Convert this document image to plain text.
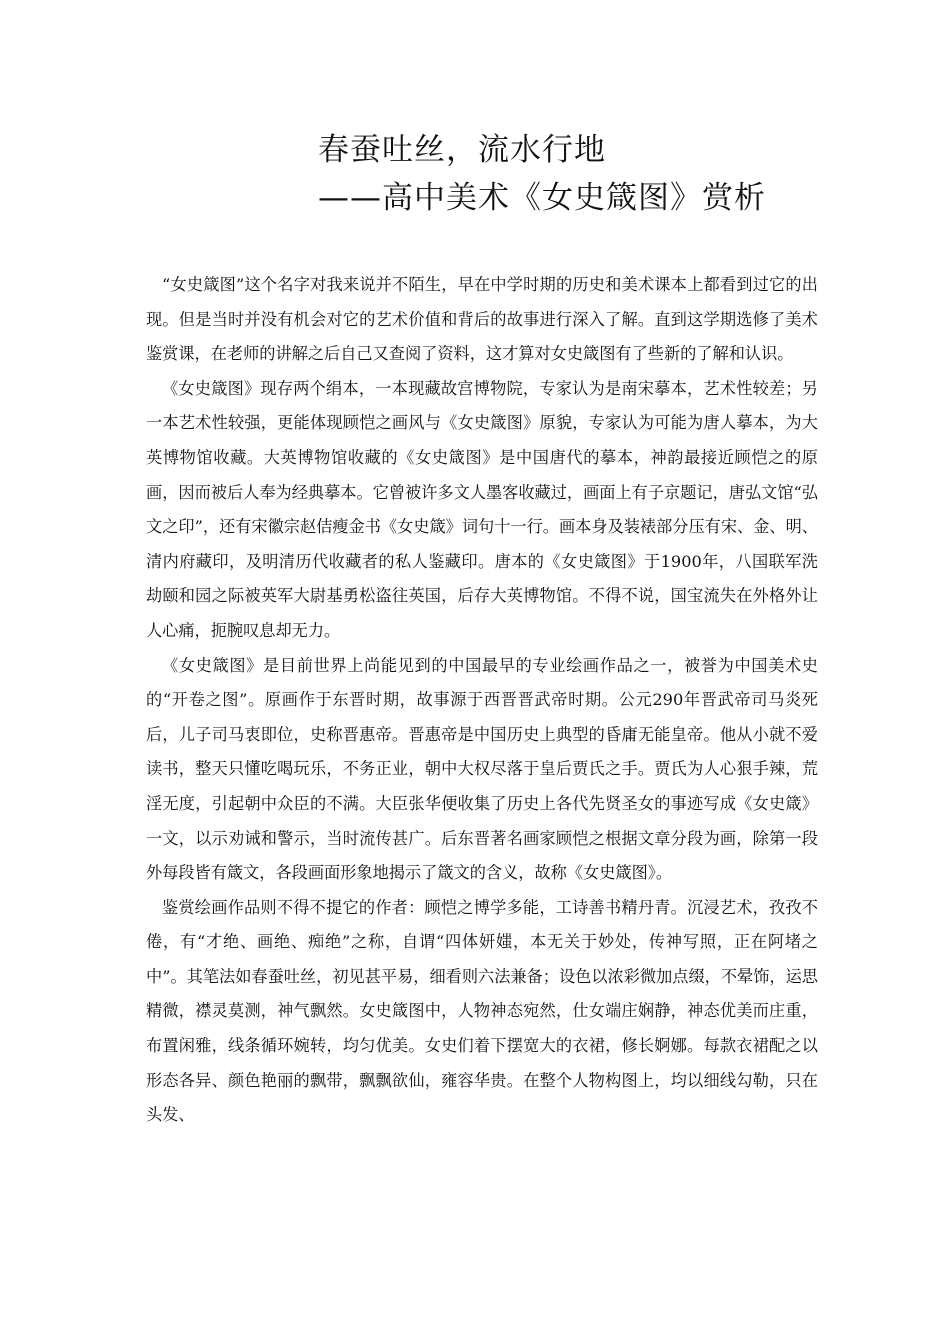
春蚕吐丝，流水行地
——高中美术《女史箴图》赏析

“女史箴图”这个名字对我来说并不陌生，早在中学时期的历史和美术课本上都看到过它的出现。但是当时并没有机会对它的艺术价值和背后的故事进行深入了解。直到这学期选修了美术鉴赏课，在老师的讲解之后自己又查阅了资料，这才算对女史箴图有了些新的了解和认识。

《女史箴图》现存两个绢本，一本现藏故宫博物院，专家认为是南宋摹本，艺术性较差；另一本艺术性较强，更能体现顾恺之画风与《女史箴图》原貌，专家认为可能为唐人摹本，为大英博物馆收藏。大英博物馆收藏的《女史箴图》是中国唐代的摹本，神韵最接近顾恺之的原画，因而被后人奉为经典摹本。它曾被许多文人墨客收藏过，画面上有子京题记，唐弘文馆“弘文之印”，还有宋徽宗赵佶瘦金书《女史箴》词句十一行。画本身及装裱部分压有宋、金、明、清内府藏印，及明清历代收藏者的私人鉴藏印。唐本的《女史箴图》于1900年，八国联军洗劫颐和园之际被英军大尉基勇松盗往英国，后存大英博物馆。不得不说，国宝流失在外格外让人心痛，扼腕叹息却无力。

《女史箴图》是目前世界上尚能见到的中国最早的专业绘画作品之一，被誉为中国美术史的“开卷之图”。原画作于东晋时期，故事源于西晋晋武帝时期。公元290年晋武帝司马炎死后，儿子司马衷即位，史称晋惠帝。晋惠帝是中国历史上典型的昏庸无能皇帝。他从小就不爱读书，整天只懂吃喝玩乐，不务正业，朝中大权尽落于皇后贾氏之手。贾氏为人心狠手辣，荒淫无度，引起朝中众臣的不满。大臣张华便收集了历史上各代先贤圣女的事迹写成《女史箴》一文，以示劝诫和警示，当时流传甚广。后东晋著名画家顾恺之根据文章分段为画，除第一段外每段皆有箴文，各段画面形象地揭示了箴文的含义，故称《女史箴图》。

鉴赏绘画作品则不得不提它的作者：顾恺之博学多能，工诗善书精丹青。沉浸艺术，孜孜不倦，有“才绝、画绝、痴绝”之称，自谓“四体妍媸，本无关于妙处，传神写照，正在阿堵之中”。其笔法如春蚕吐丝，初见甚平易，细看则六法兼备；设色以浓彩微加点缀，不晕饰，运思精微，襟灵莫测，神气飘然。女史箴图中，人物神态宛然，仕女端庄娴静，神态优美而庄重，布置闲雅，线条循环婉转，均匀优美。女史们着下摆宽大的衣裙，修长婀娜。每款衣裙配之以形态各异、颜色艳丽的飘带，飘飘欲仙，雍容华贵。在整个人物构图上，均以细线勾勒，只在头发、
